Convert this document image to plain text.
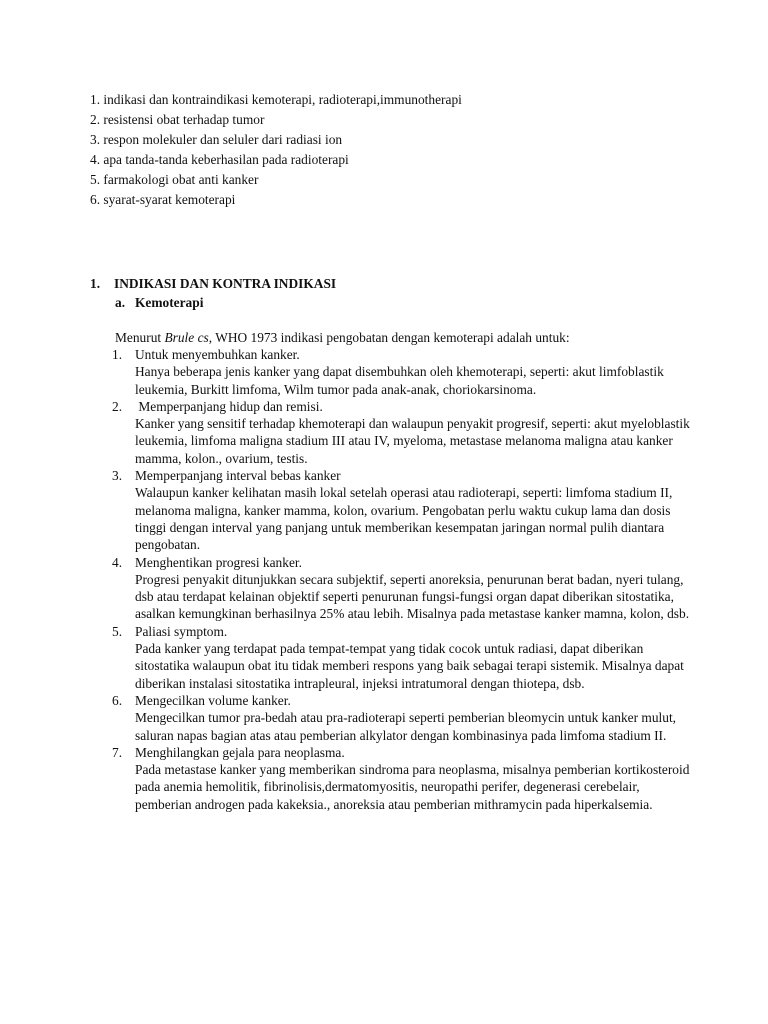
1. indikasi dan kontraindikasi kemoterapi, radioterapi,immunotherapi
2. resistensi obat terhadap tumor
3. respon molekuler dan seluler dari radiasi ion
4. apa tanda-tanda keberhasilan pada radioterapi
5. farmakologi obat anti kanker
6. syarat-syarat kemoterapi
1. INDIKASI DAN KONTRA INDIKASI
a. Kemoterapi
Menurut Brule cs, WHO 1973 indikasi pengobatan dengan kemoterapi adalah untuk:
1. Untuk menyembuhkan kanker.
Hanya beberapa jenis kanker yang dapat disembuhkan oleh khemoterapi, seperti: akut limfoblastik leukemia, Burkitt limfoma, Wilm tumor pada anak-anak, choriokarsinoma.
2. Memperpanjang hidup dan remisi.
Kanker yang sensitif terhadap khemoterapi dan walaupun penyakit progresif, seperti: akut myeloblastik leukemia, limfoma maligna stadium III atau IV, myeloma, metastase melanoma maligna atau kanker mamma, kolon., ovarium, testis.
3. Memperpanjang interval bebas kanker
Walaupun kanker kelihatan masih lokal setelah operasi atau radioterapi, seperti: limfoma stadium II, melanoma maligna, kanker mamma, kolon, ovarium. Pengobatan perlu waktu cukup lama dan dosis tinggi dengan interval yang panjang untuk memberikan kesempatan jaringan normal pulih diantara pengobatan.
4. Menghentikan progresi kanker.
Progresi penyakit ditunjukkan secara subjektif, seperti anoreksia, penurunan berat badan, nyeri tulang, dsb atau terdapat kelainan objektif seperti penurunan fungsi-fungsi organ dapat diberikan sitostatika, asalkan kemungkinan berhasilnya 25% atau lebih. Misalnya pada metastase kanker mamna, kolon, dsb.
5. Paliasi symptom.
Pada kanker yang terdapat pada tempat-tempat yang tidak cocok untuk radiasi, dapat diberikan sitostatika walaupun obat itu tidak memberi respons yang baik sebagai terapi sistemik. Misalnya dapat diberikan instalasi sitostatika intrapleural, injeksi intratumoral dengan thiotepa, dsb.
6. Mengecilkan volume kanker.
Mengecilkan tumor pra-bedah atau pra-radioterapi seperti pemberian bleomycin untuk kanker mulut, saluran napas bagian atas atau pemberian alkylator dengan kombinasinya pada limfoma stadium II.
7. Menghilangkan gejala para neoplasma.
Pada metastase kanker yang memberikan sindroma para neoplasma, misalnya pemberian kortikosteroid pada anemia hemolitik, fibrinolisis,dermatomyositis, neuropathi perifer, degenerasi cerebelair, pemberian androgen pada kakeksia., anoreksia atau pemberian mithramycin pada hiperkalsemia.
